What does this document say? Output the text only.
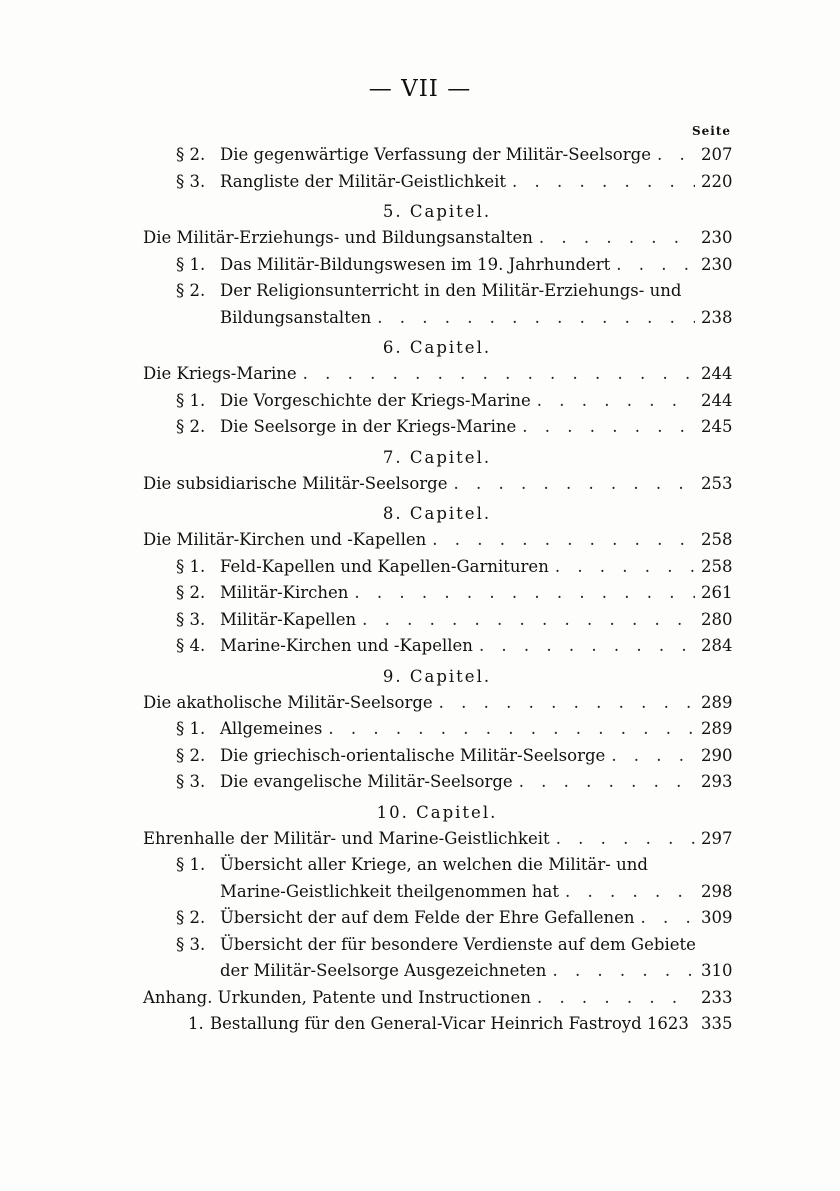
— VII —
Seite
§ 2. Die gegenwärtige Verfassung der Militär-Seelsorge . . .	207
§ 3. Rangliste der Militär-Geistlichkeit . . .	220
5. Capitel.
Die Militär-Erziehungs- und Bildungsanstalten . . .	230
§ 1. Das Militär-Bildungswesen im 19. Jahrhundert . . .	230
§ 2. Der Religionsunterricht in den Militär-Erziehungs- und
Bildungsanstalten . . .	238
6. Capitel.
Die Kriegs-Marine . . .	244
§ 1. Die Vorgeschichte der Kriegs-Marine . . .	244
§ 2. Die Seelsorge in der Kriegs-Marine . . .	245
7. Capitel.
Die subsidiarische Militär-Seelsorge . . .	253
8. Capitel.
Die Militär-Kirchen und -Kapellen . . .	258
§ 1. Feld-Kapellen und Kapellen-Garnituren . . .	258
§ 2. Militär-Kirchen . . .	261
§ 3. Militär-Kapellen . . .	280
§ 4. Marine-Kirchen und -Kapellen . . .	284
9. Capitel.
Die akatholische Militär-Seelsorge . . .	289
§ 1. Allgemeines . . .	289
§ 2. Die griechisch-orientalische Militär-Seelsorge . . .	290
§ 3. Die evangelische Militär-Seelsorge . . .	293
10. Capitel.
Ehrenhalle der Militär- und Marine-Geistlichkeit . . .	297
§ 1. Übersicht aller Kriege, an welchen die Militär- und
Marine-Geistlichkeit theilgenommen hat . . .	298
§ 2. Übersicht der auf dem Felde der Ehre Gefallenen . . .	309
§ 3. Übersicht der für besondere Verdienste auf dem Gebiete
der Militär-Seelsorge Ausgezeichneten . . .	310
Anhang. Urkunden, Patente und Instructionen . . .	233
1. Bestallung für den General-Vicar Heinrich Fastroyd 1623 335
